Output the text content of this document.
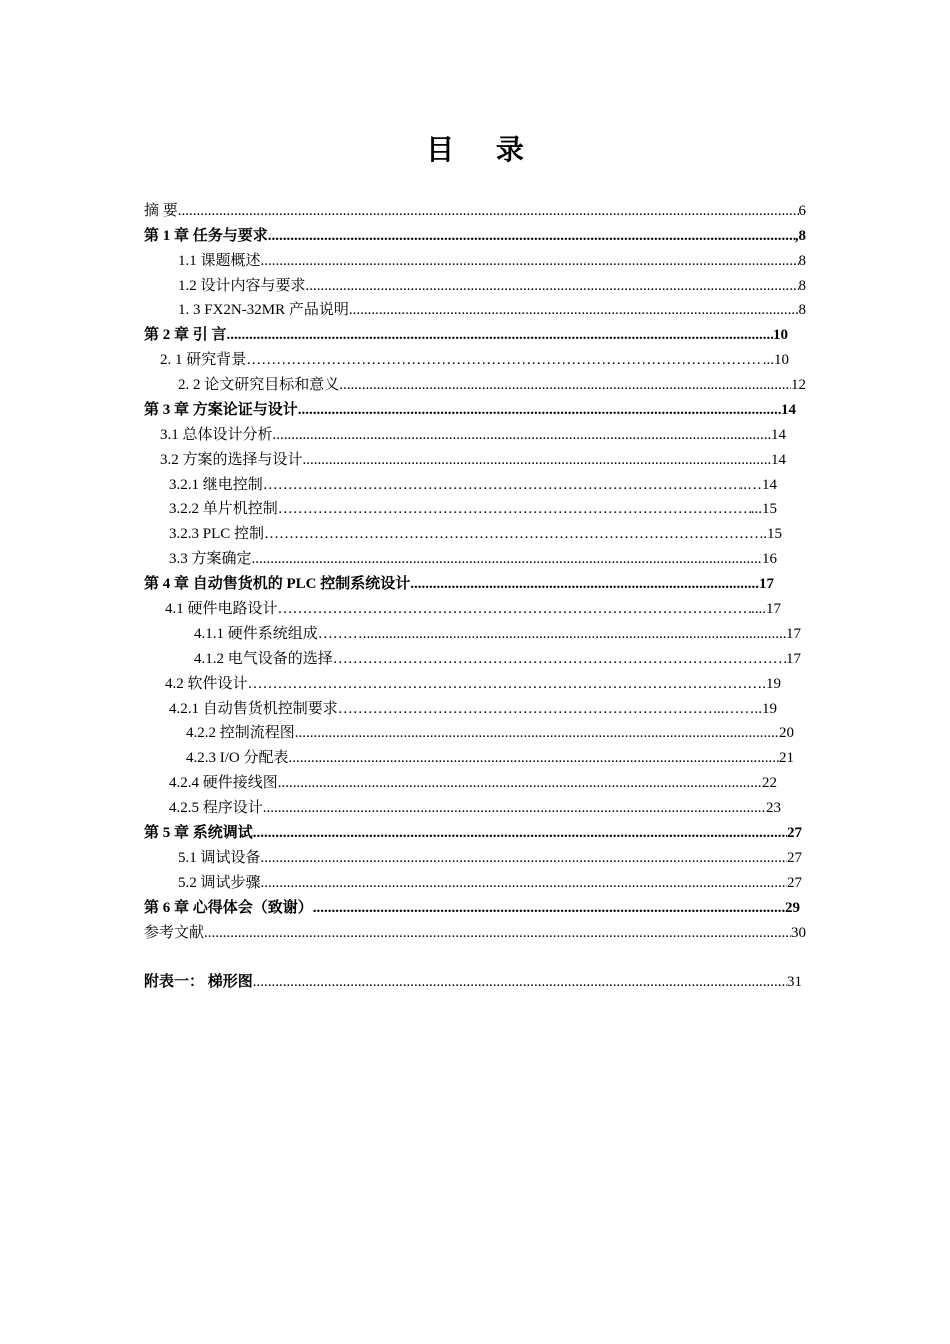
目 录
摘 要 .....	6
第 1 章 任务与要求 .....	,8
1.1 课题概述 .....	8
1.2 设计内容与要求 .....	8
1. 3 FX2N-32MR 产品说明 .....	8
第 2 章 引 言 .....	10
2. 1 研究背景 ……………………………………………………………………………………………………………………………………………………………………………………………………………………	...10
2. 2 论文研究目标和意义. .....	12
第 3 章 方案论证与设计 .....	14
3.1 总体设计分析 .....	14
3.2 方案的选择与设计 .....	14
3.2.1 继电控制 ……………………………………………………………………………………………………………………………………………………………………………………………………………………	..…14
3.2.2 单片机控制 ……………………………………………………………………………………………………………………………………………………………………………………………………………………	...15
3.2.3 PLC 控制 ……………………………………………………………………………………………………………………………………………………………………………………………………………………	.15
3.3 方案确定 .....	16
第 4 章 自动售货机的 PLC 控制系统设计 .....	17
4.1 硬件电路设计 ……………………………………………………………………………………………………………………………………………………………………………………………………………………	....17
4.1.1 硬件系统组成……… .....	17
4.1.2 电气设备的选择 ……………………………………………………………………………………………………………………………………………………………………………………………………………………	17
4.2 软件设计 ……………………………………………………………………………………………………………………………………………………………………………………………………………………	….19
4.2.1 自动售货机控制要求 ……………………………………………………………………………………………………………………………………………………………………………………………………………………	..……..19
4.2.2 控制流程图 .....	20
4.2.3 I/O 分配表 .....	21
4.2.4 硬件接线图 .....	22
4.2.5 程序设计 .....	23
第 5 章 系统调试 .....	27
5.1 调试设备 .....	27
5.2 调试步骤 .....	27
第 6 章 心得体会（致谢） .....	29
参考文献. .....	30
附表一： 梯形图 .....	31
